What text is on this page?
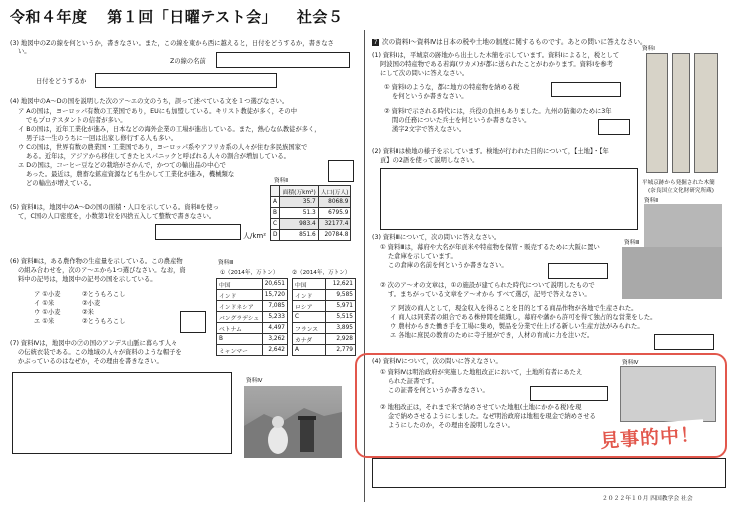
令和４年度 第１回「日曜テスト会」 社会５
(3) 地図中のZの線を何というか，書きなさい。また，この線を東から西に越えると，日付をどうするか，書きなさ
い。
Zの線の名前
日付をどうするか
(4) 地図中のA～Dの国を説明した次のア～エの文のうち，誤って述べている文を１つ選びなさい。
ア Aの国は，ヨーロッパ有数の工業国であり，EUにも加盟している。キリスト教徒が多く，その中
でもプロテスタントの信者が多い。
イ Bの国は，近年工業化が進み，日本などの海外企業の工場が進出している。また，熱心な仏教徒が多く，
男子は一生のうちに一回は出家し修行する人も多い。
ウ Cの国は，世界有数の農業国・工業国であり，ヨーロッパ系やアフリカ系の人々が住む多民族国家で
ある。近年は，アジアから移住してきたヒスパニックと呼ばれる人々の割合が増加している。
エ Dの国は，コーヒー豆などの栽培がさかんで，かつての輸出品の中心で
あった。最近は，農畜な鉱産資源なども生かして工業化が進み，機械類な
どの輸出が増えている。	資料Ⅱ
	面積(万km²)	人口(万人)
A	35.7	8068.9
B	51.3	6795.9
C	983.4	32177.4
D	851.6	20784.8
(5) 資料Ⅱは，地図中のA～Dの国の面積・人口を示している。資料Ⅱを使っ
て，C国の人口密度を，小数第1位を四捨五入して整数で書きなさい。
人/km²
(6) 資料Ⅲは，ある農作物の生産量を示している。この農産物
の組み合わせを，次のア～エから1つ選びなさい。なお，資
料中の記号は，地図中の記号の国を示している。
ア ①小麦	②とうもろこし
イ ①米	②小麦
ウ ①小麦	②米
エ ①米	②とうもろこし
資料Ⅲ
①（2014年，万トン） ②（2014年，万トン）
中国	20,651
インド	15,720
インドネシア	7,085
バングラデシュ	5,233
ベトナム	4,497
B	3,262
ミャンマー	2,642
中国	12,621
インド	9,585
ロシア	5,971
C	5,515
フランス	3,895
カナダ	2,928
A	2,779
(7) 資料Ⅳは，地図中の㋐の国のアンデス山脈に暮らす人々
の伝統衣装である。この地域の人々が資料のような帽子を
かぶっているのはなぜか，その理由を書きなさい。
資料Ⅳ
7 次の資料Ⅰ～資料Ⅳは日本の税や土地の制度に関するものです。あとの問いに答えなさい。
(1) 資料Ⅰは，平城京の跡地から出土した木簡を示しています。資料Ⅰによると，税として
阿波国の特産物である若海(ワカメ)が都に送られたことがわかります。資料Ⅰを参考
にして次の問いに答えなさい。
① 資料Ⅰのような，都に地方の特産物を納める税
を何というか書きなさい。
② 資料Ⅰで示される時代には，兵役の負担もありました。九州の防衛のために3年
間の任務についた兵士を何というか書きなさい。
漢字2文字で答えなさい。
資料Ⅰ
平城京跡から発掘された木簡
(奈良国立文化財研究所蔵)
(2) 資料Ⅱは検地の様子を示しています。検地が行われた目的について，【土地】・【年
貢】の2語を使って説明しなさい。
資料Ⅱ
(3) 資料Ⅲについて，次の問いに答えなさい。
① 資料Ⅲは，幕府や大名が年貢米や特産物を保管・販売するために大阪に置い
た倉庫を示しています。
この倉庫の名前を何というか書きなさい。
資料Ⅲ
② 次のア～オの文章は，①の施設が建てられた時代について説明したもので
す。まちがっている文章をア～オから すべて選び，記号で答えなさい。
ア 阿波の商人として，現金収入を得ることを目的とする商品作物が各地で生産された。
イ 商人は同業者の組合である株仲間を組織し，幕府や藩から許可を得て独占的な営業をした。
ウ 農村からきた働き手を工場に集め，製品を分業で仕上げる新しい生産方法がみられた。
エ 各地に庶民の教育のために寺子屋ができ，人材の育成に力を注いだ。
(4) 資料Ⅳについて，次の問いに答えなさい。
① 資料Ⅳは明治政府が実施した地租改正において，土地所有者にあたえ
られた証書です。
この証書を何というか書きなさい。
② 地租改正は，それまで米で納めさせていた地租(土地にかかる税)を現
金で納めさせるようにしました。なぜ明治政府は地租を現金で納めさせる
ようにしたのか，その理由を説明しなさい。
資料Ⅳ
見事的中！
２０２２年１０月 四国教学会 社会
